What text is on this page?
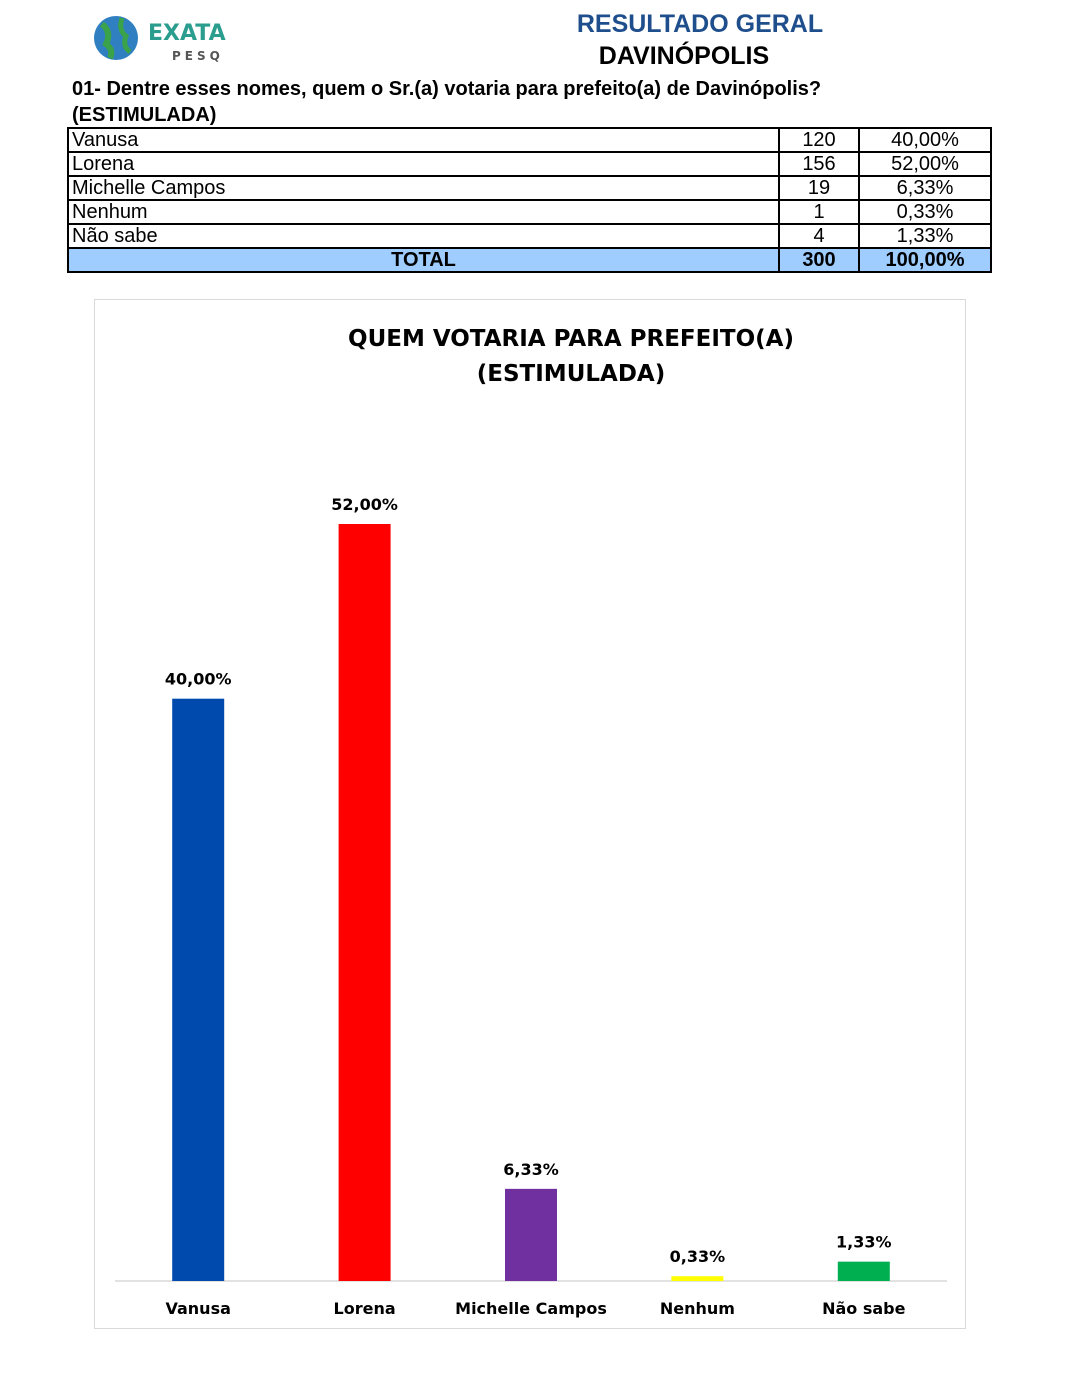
EXATA
PESQ
RESULTADO GERAL
DAVINÓPOLIS
01- Dentre esses nomes, quem o Sr.(a) votaria para prefeito(a) de Davinópolis?
(ESTIMULADA)
Vanusa	120	40,00%
Lorena	156	52,00%
Michelle Campos	19	6,33%
Nenhum	1	0,33%
Não sabe	4	1,33%
TOTAL	300	100,00%
QUEM VOTARIA PARA PREFEITO(A)
(ESTIMULADA)
40,00%
Vanusa
52,00%
Lorena
6,33%
Michelle Campos
0,33%
Nenhum
1,33%
Não sabe
